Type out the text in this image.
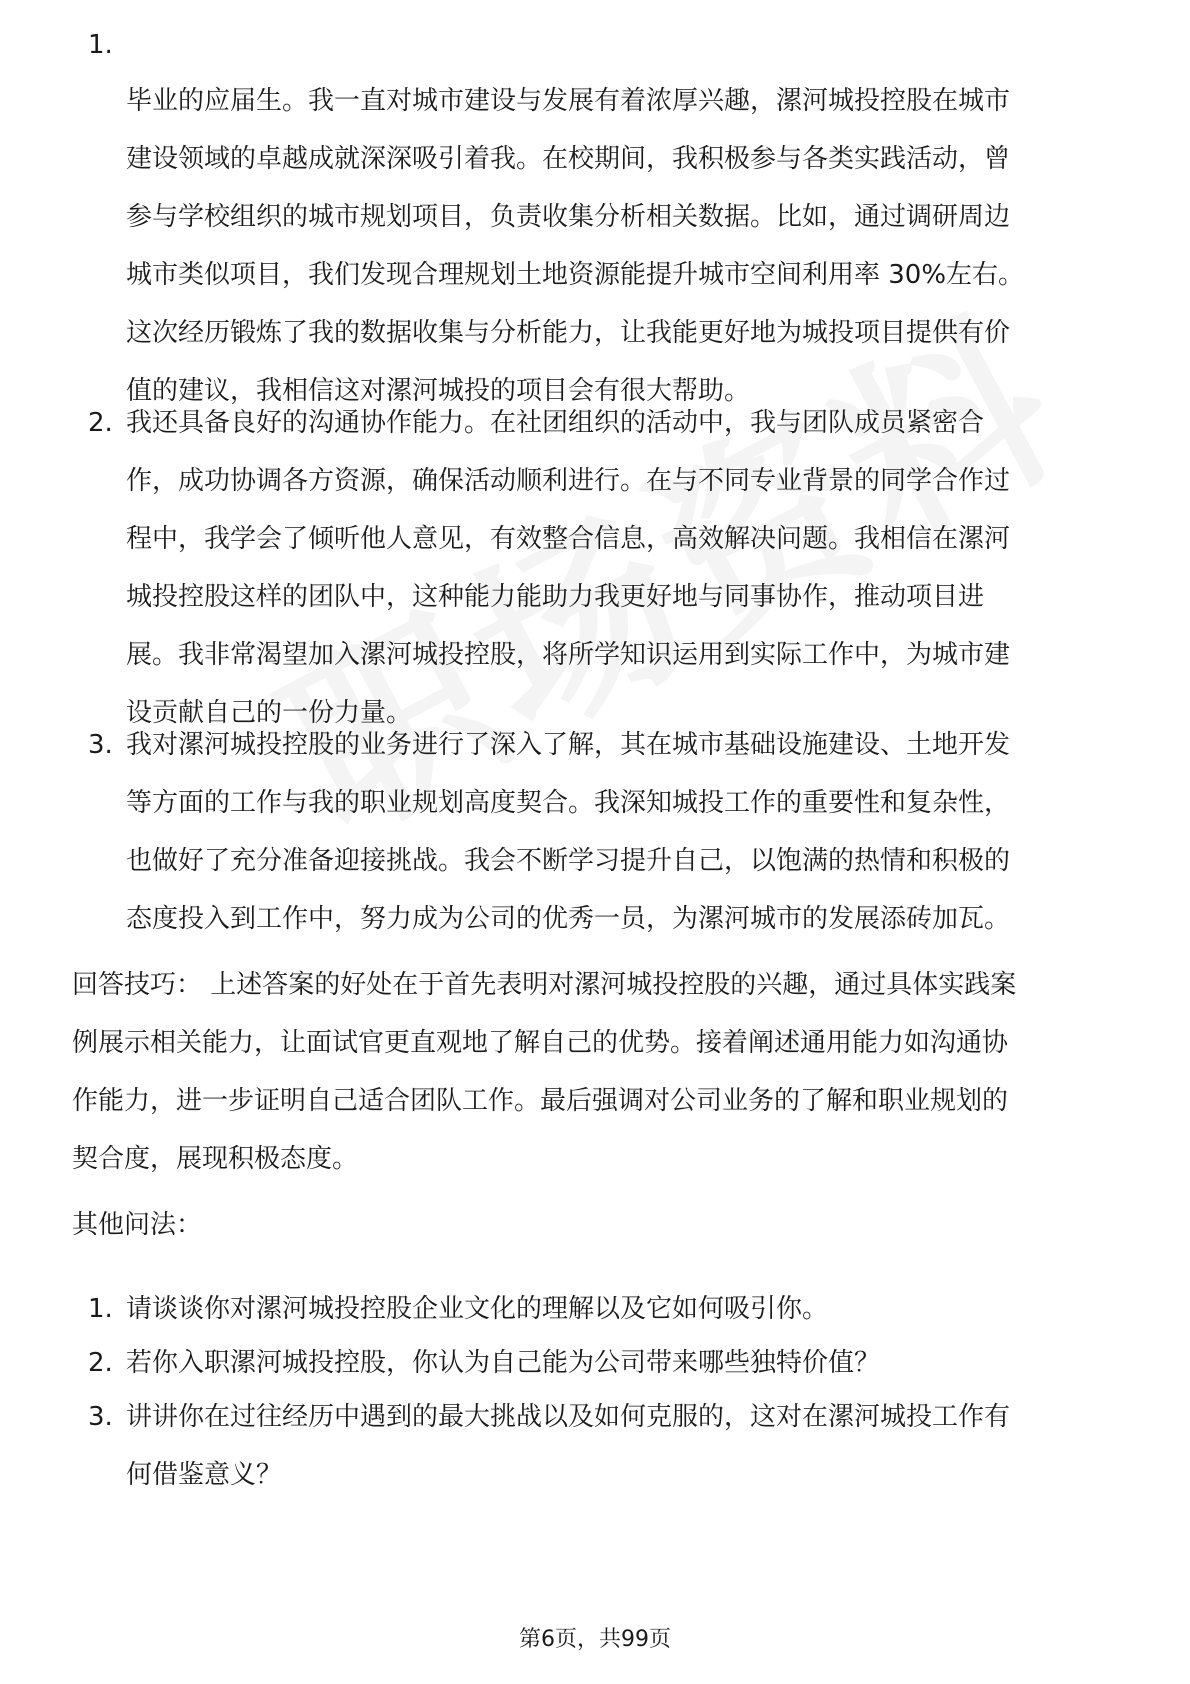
1.
毕业的应届生。我一直对城市建设与发展有着浓厚兴趣，漯河城投控股在城市
建设领域的卓越成就深深吸引着我。在校期间，我积极参与各类实践活动，曾
参与学校组织的城市规划项目，负责收集分析相关数据。比如，通过调研周边
城市类似项目，我们发现合理规划土地资源能提升城市空间利用率 30%左右。
这次经历锻炼了我的数据收集与分析能力，让我能更好地为城投项目提供有价
值的建议，我相信这对漯河城投的项目会有很大帮助。
2. 我还具备良好的沟通协作能力。在社团组织的活动中，我与团队成员紧密合
作，成功协调各方资源，确保活动顺利进行。在与不同专业背景的同学合作过
程中，我学会了倾听他人意见，有效整合信息，高效解决问题。我相信在漯河
城投控股这样的团队中，这种能力能助力我更好地与同事协作，推动项目进
展。我非常渴望加入漯河城投控股，将所学知识运用到实际工作中，为城市建
设贡献自己的一份力量。
3. 我对漯河城投控股的业务进行了深入了解，其在城市基础设施建设、土地开发
等方面的工作与我的职业规划高度契合。我深知城投工作的重要性和复杂性，
也做好了充分准备迎接挑战。我会不断学习提升自己，以饱满的热情和积极的
态度投入到工作中，努力成为公司的优秀一员，为漯河城市的发展添砖加瓦。
回答技巧： 上述答案的好处在于首先表明对漯河城投控股的兴趣，通过具体实践案
例展示相关能力，让面试官更直观地了解自己的优势。接着阐述通用能力如沟通协
作能力，进一步证明自己适合团队工作。最后强调对公司业务的了解和职业规划的
契合度，展现积极态度。
其他问法：
1. 请谈谈你对漯河城投控股企业文化的理解以及它如何吸引你。
2. 若你入职漯河城投控股，你认为自己能为公司带来哪些独特价值？
3. 讲讲你在过往经历中遇到的最大挑战以及如何克服的，这对在漯河城投工作有
何借鉴意义？
第6页，共99页
